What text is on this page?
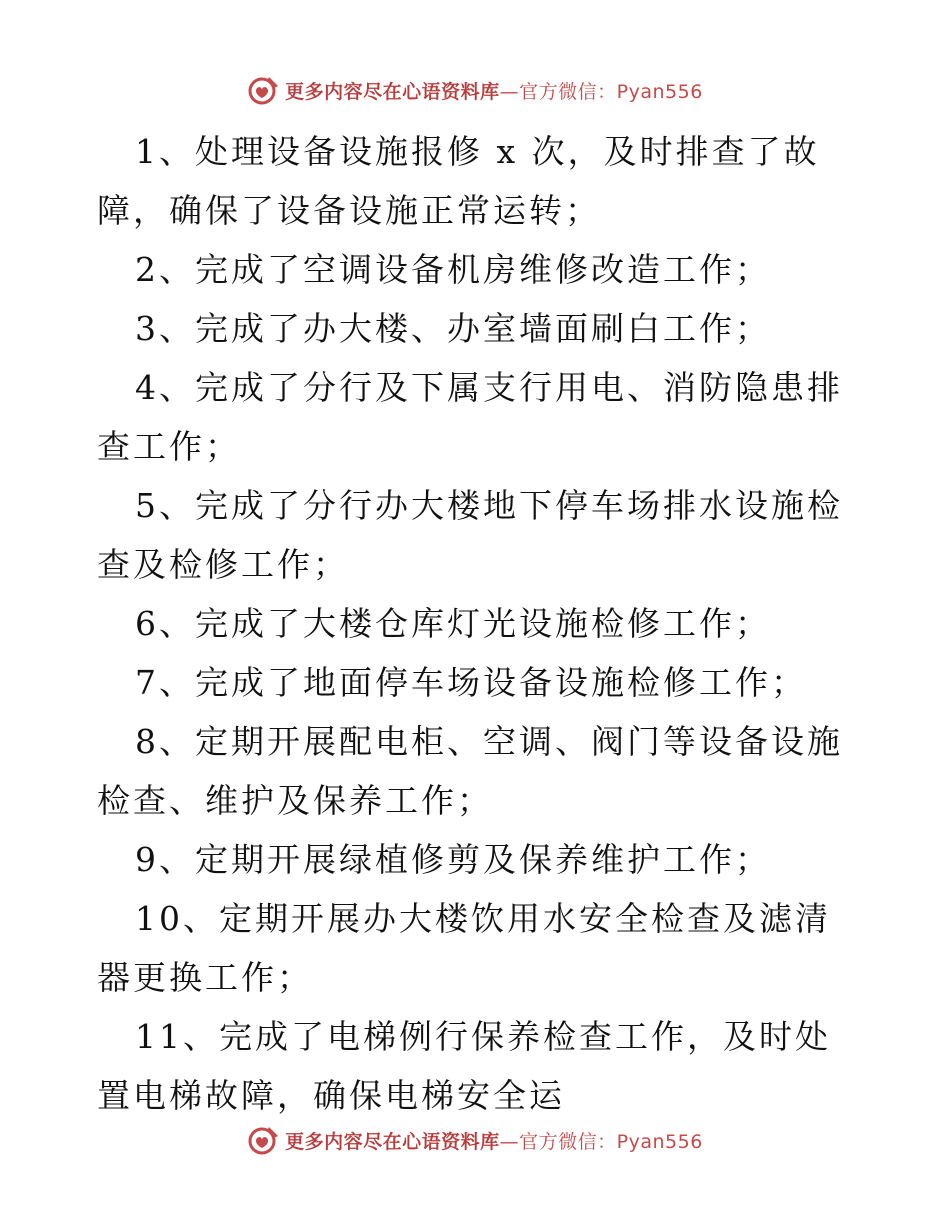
更多内容尽在心语资料库—官方微信：Pyan556

1、处理设备设施报修 x 次，及时排查了故障，确保了设备设施正常运转；

2、完成了空调设备机房维修改造工作；

3、完成了办大楼、办室墙面刷白工作；

4、完成了分行及下属支行用电、消防隐患排查工作；

5、完成了分行办大楼地下停车场排水设施检查及检修工作；

6、完成了大楼仓库灯光设施检修工作；

7、完成了地面停车场设备设施检修工作；

8、定期开展配电柜、空调、阀门等设备设施检查、维护及保养工作；

9、定期开展绿植修剪及保养维护工作；

10、定期开展办大楼饮用水安全检查及滤清器更换工作；

11、完成了电梯例行保养检查工作，及时处置电梯故障，确保电梯安全运

更多内容尽在心语资料库—官方微信：Pyan556
